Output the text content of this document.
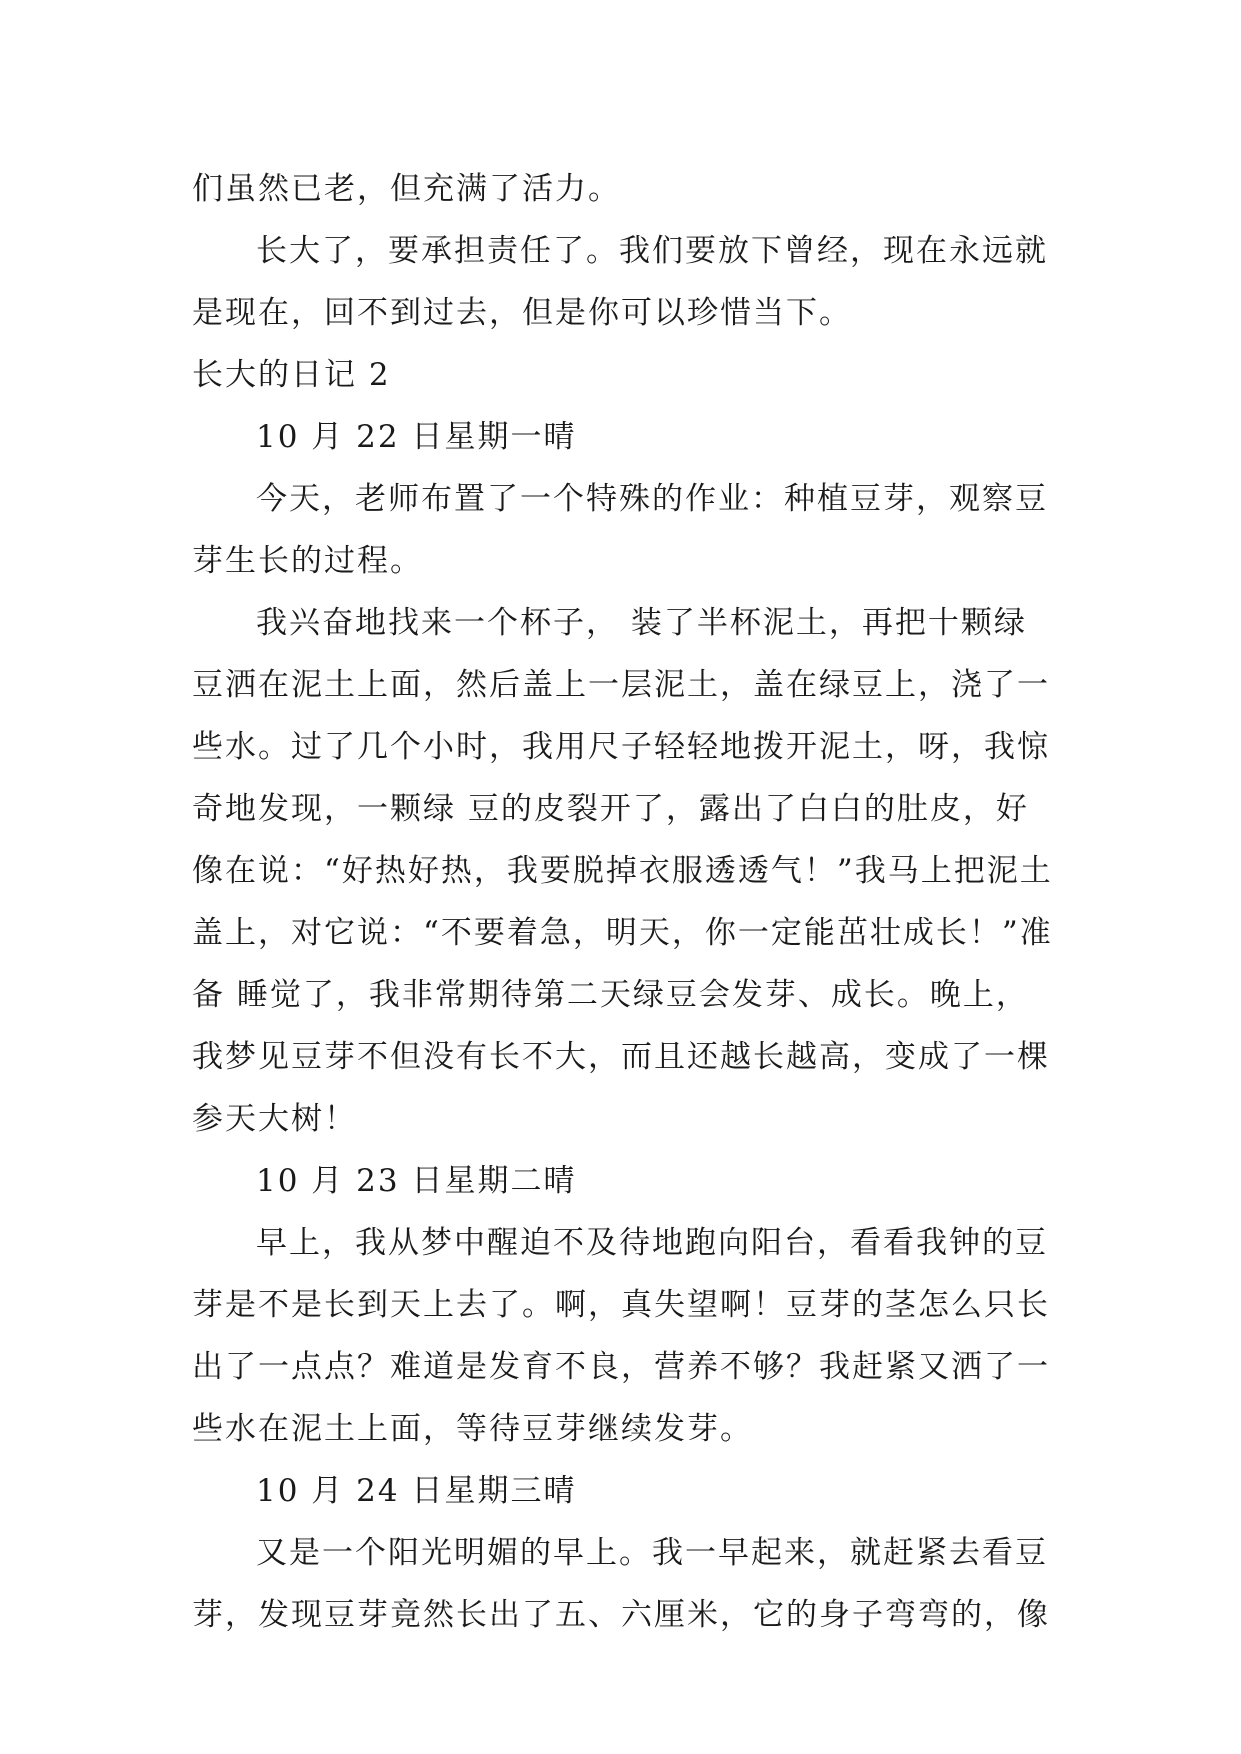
们虽然已老，但充满了活力。
长大了，要承担责任了。我们要放下曾经，现在永远就
是现在，回不到过去，但是你可以珍惜当下。
长大的日记 2
10 月 22 日星期一晴
今天，老师布置了一个特殊的作业：种植豆芽，观察豆
芽生长的过程。
我兴奋地找来一个杯子， 装了半杯泥土，再把十颗绿
豆洒在泥土上面，然后盖上一层泥土，盖在绿豆上，浇了一
些水。过了几个小时，我用尺子轻轻地拨开泥土，呀，我惊
奇地发现，一颗绿 豆的皮裂开了，露出了白白的肚皮，好
像在说：“好热好热，我要脱掉衣服透透气！”我马上把泥土
盖上，对它说：“不要着急，明天，你一定能茁壮成长！”准
备 睡觉了，我非常期待第二天绿豆会发芽、成长。晚上，
我梦见豆芽不但没有长不大，而且还越长越高，变成了一棵
参天大树！
10 月 23 日星期二晴
早上，我从梦中醒迫不及待地跑向阳台，看看我钟的豆
芽是不是长到天上去了。啊，真失望啊！豆芽的茎怎么只长
出了一点点？难道是发育不良，营养不够？我赶紧又洒了一
些水在泥土上面，等待豆芽继续发芽。
10 月 24 日星期三晴
又是一个阳光明媚的早上。我一早起来，就赶紧去看豆
芽，发现豆芽竟然长出了五、六厘米，它的身子弯弯的，像
